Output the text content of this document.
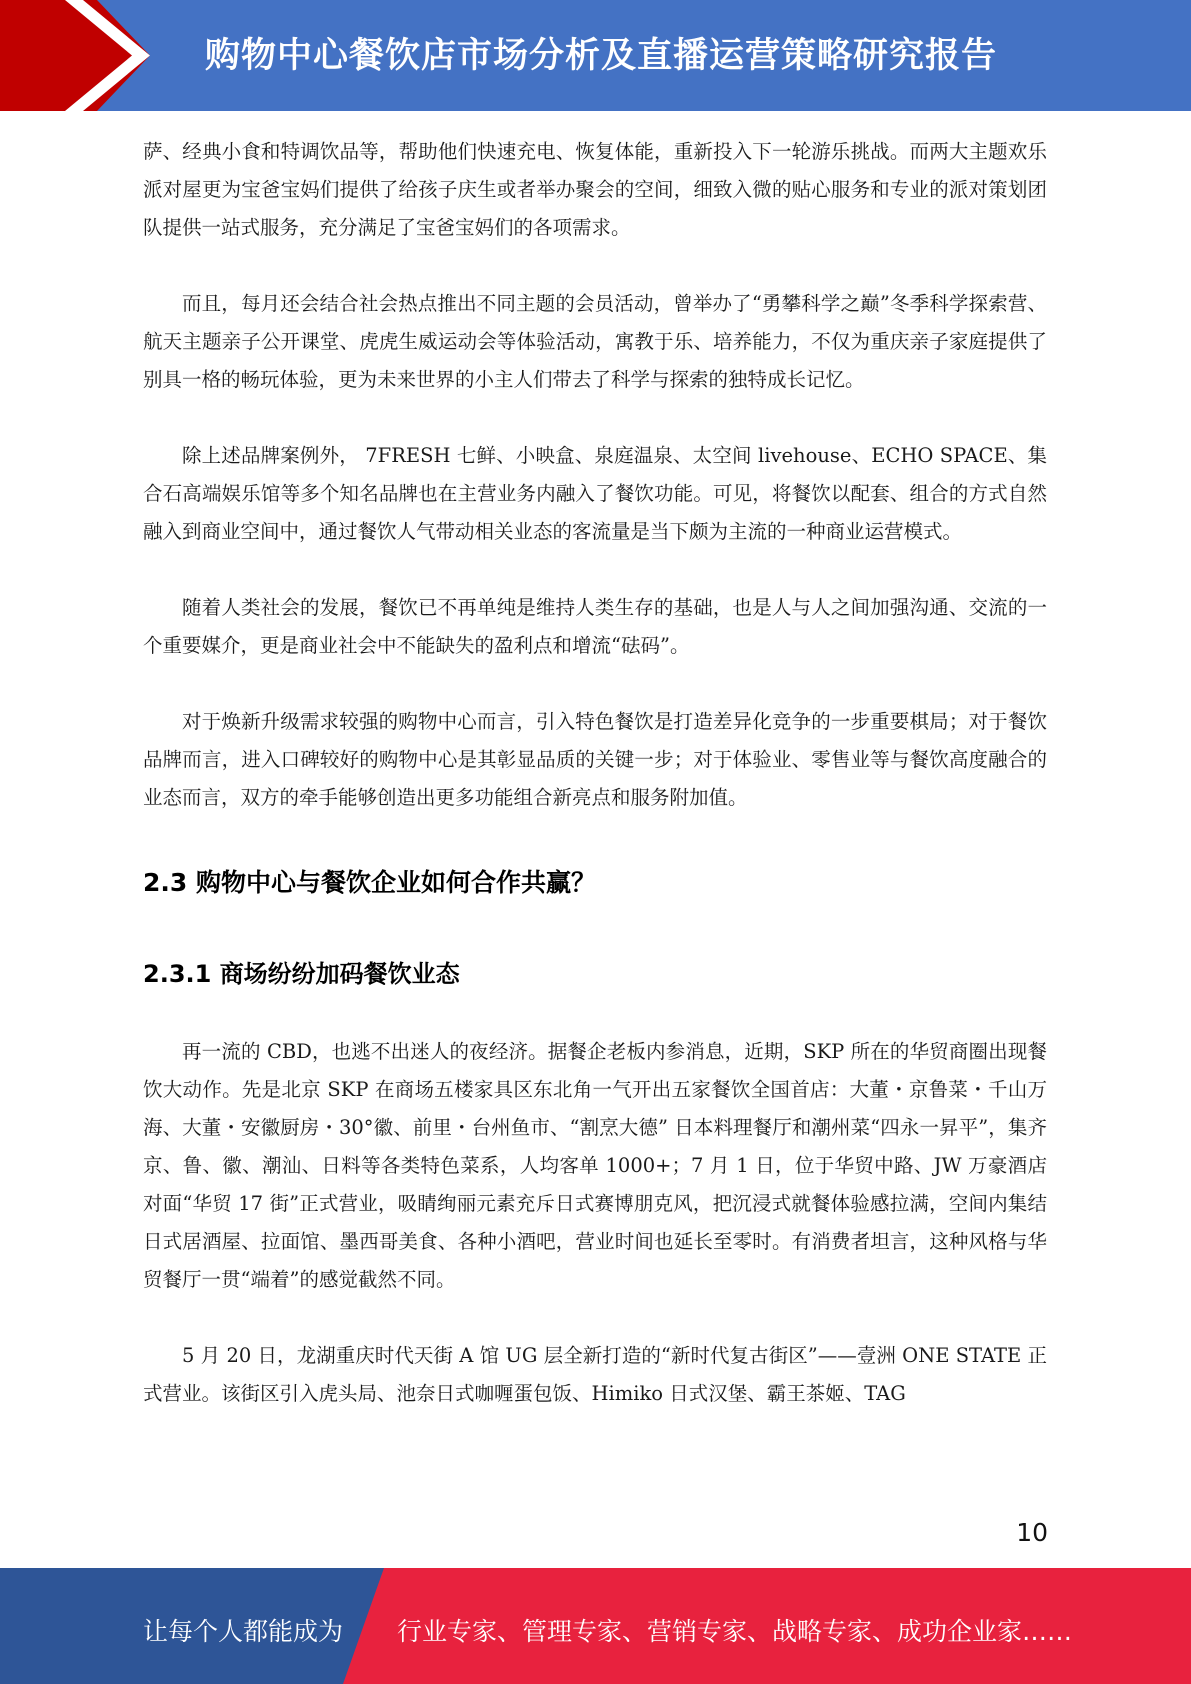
购物中心餐饮店市场分析及直播运营策略研究报告

萨、经典小食和特调饮品等，帮助他们快速充电、恢复体能，重新投入下一轮游乐挑战。而两大主题欢乐派对屋更为宝爸宝妈们提供了给孩子庆生或者举办聚会的空间，细致入微的贴心服务和专业的派对策划团队提供一站式服务，充分满足了宝爸宝妈们的各项需求。

而且，每月还会结合社会热点推出不同主题的会员活动，曾举办了“勇攀科学之巅”冬季科学探索营、航天主题亲子公开课堂、虎虎生威运动会等体验活动，寓教于乐、培养能力，不仅为重庆亲子家庭提供了别具一格的畅玩体验，更为未来世界的小主人们带去了科学与探索的独特成长记忆。

除上述品牌案例外， 7FRESH 七鲜、小映盒、泉庭温泉、太空间 livehouse、ECHO SPACE、集合石高端娱乐馆等多个知名品牌也在主营业务内融入了餐饮功能。可见，将餐饮以配套、组合的方式自然融入到商业空间中，通过餐饮人气带动相关业态的客流量是当下颇为主流的一种商业运营模式。

随着人类社会的发展，餐饮已不再单纯是维持人类生存的基础，也是人与人之间加强沟通、交流的一个重要媒介，更是商业社会中不能缺失的盈利点和增流“砝码”。

对于焕新升级需求较强的购物中心而言，引入特色餐饮是打造差异化竞争的一步重要棋局；对于餐饮品牌而言，进入口碑较好的购物中心是其彰显品质的关键一步；对于体验业、零售业等与餐饮高度融合的业态而言，双方的牵手能够创造出更多功能组合新亮点和服务附加值。

2.3 购物中心与餐饮企业如何合作共赢？
2.3.1 商场纷纷加码餐饮业态

再一流的 CBD，也逃不出迷人的夜经济。据餐企老板内参消息，近期，SKP 所在的华贸商圈出现餐饮大动作。先是北京 SKP 在商场五楼家具区东北角一气开出五家餐饮全国首店：大董・京鲁菜・千山万海、大董・安徽厨房・30°徽、前里・台州鱼市、“割烹大德” 日本料理餐厅和潮州菜“四永一昇平”，集齐京、鲁、徽、潮汕、日料等各类特色菜系，人均客单 1000+；7 月 1 日，位于华贸中路、JW 万豪酒店对面“华贸 17 街”正式营业，吸睛绚丽元素充斥日式赛博朋克风，把沉浸式就餐体验感拉满，空间内集结日式居酒屋、拉面馆、墨西哥美食、各种小酒吧，营业时间也延长至零时。有消费者坦言，这种风格与华贸餐厅一贯“端着”的感觉截然不同。

5 月 20 日，龙湖重庆时代天街 A 馆 UG 层全新打造的“新时代复古街区”——壹洲 ONE STATE 正式营业。该街区引入虎头局、池奈日式咖喱蛋包饭、Himiko 日式汉堡、霸王茶姬、TAG

10
让每个人都能成为 行业专家、管理专家、营销专家、战略专家、成功企业家……
